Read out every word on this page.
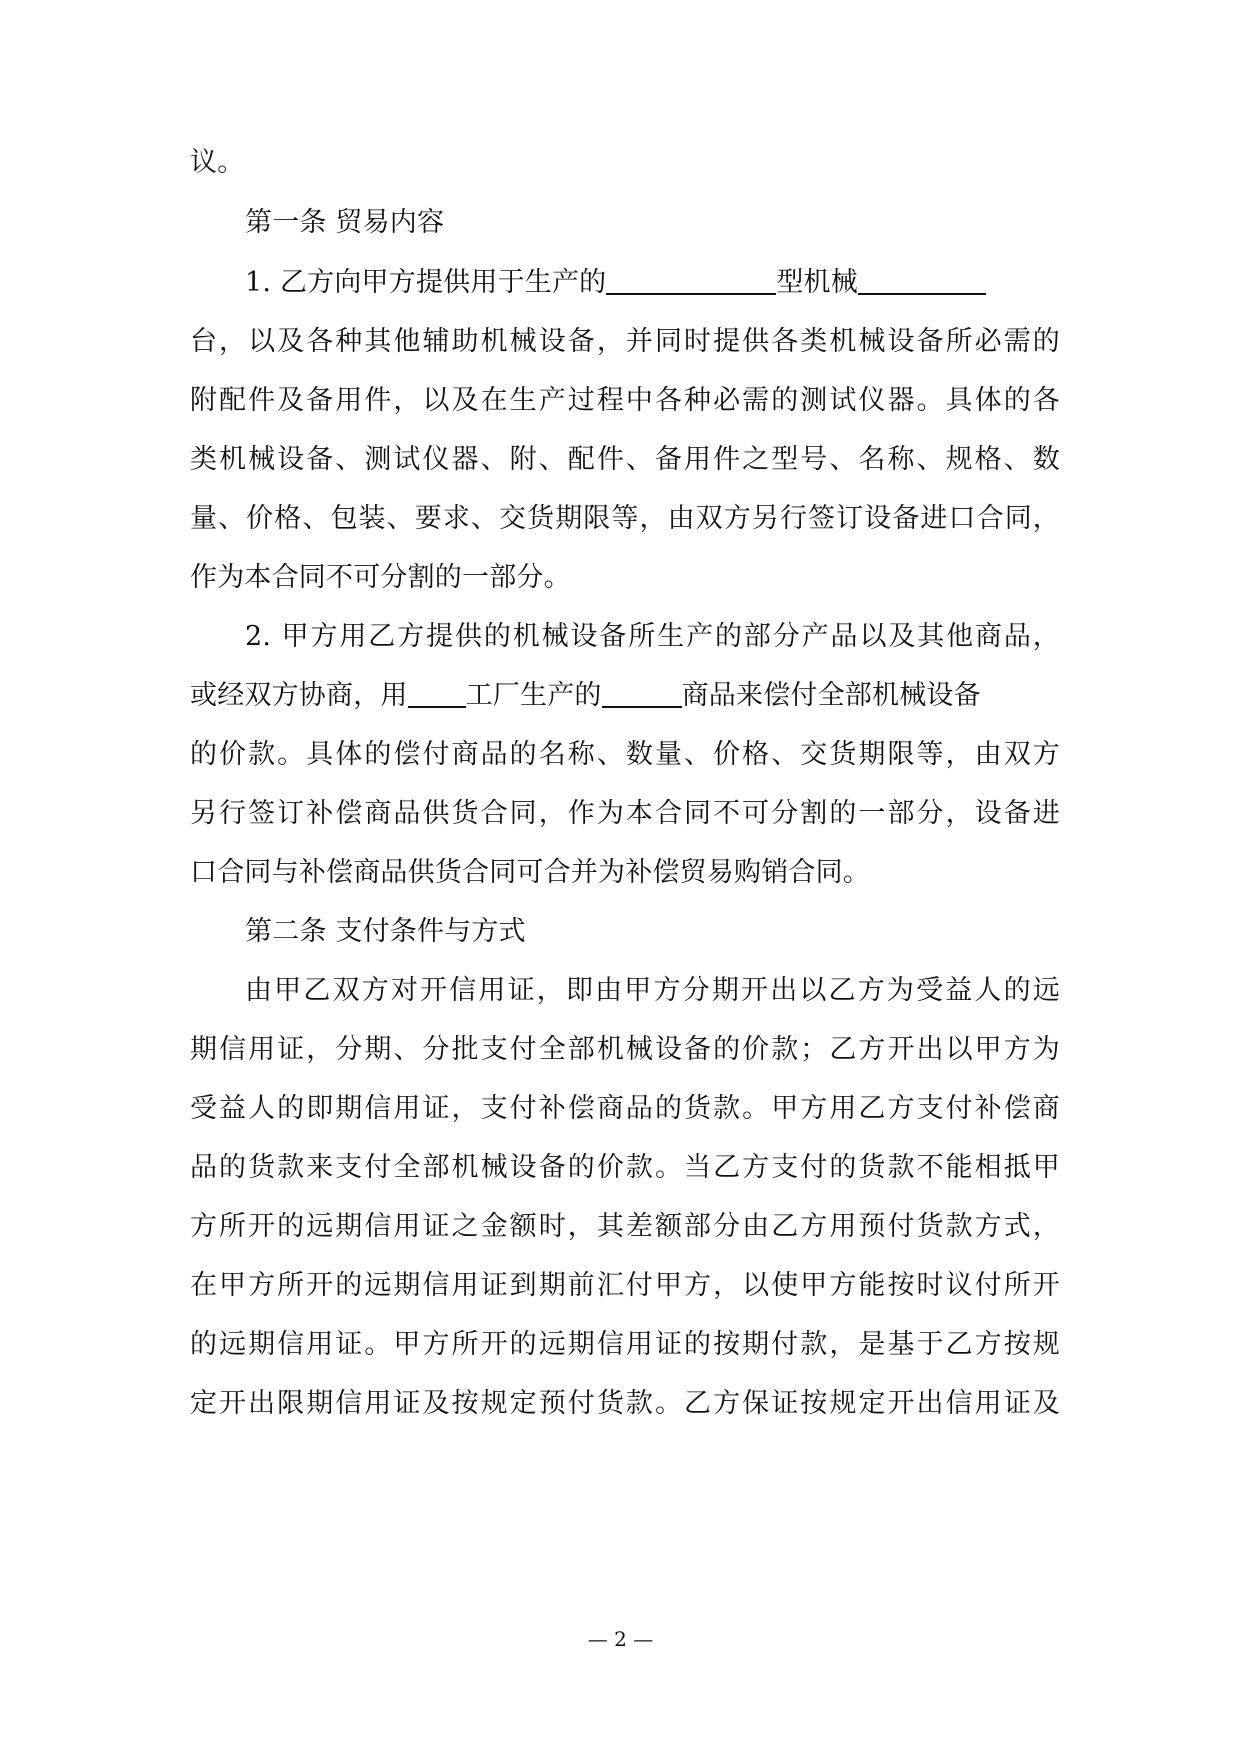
议。
第一条 贸易内容
1. 乙方向甲方提供用于生产的	型机械
台，以及各种其他辅助机械设备，并同时提供各类机械设备所必需的
附配件及备用件，以及在生产过程中各种必需的测试仪器。具体的各
类机械设备、测试仪器、附、配件、备用件之型号、名称、规格、数
量、价格、包装、要求、交货期限等，由双方另行签订设备进口合同，
作为本合同不可分割的一部分。
2. 甲方用乙方提供的机械设备所生产的部分产品以及其他商品，
或经双方协商，用 工厂生产的	商品来偿付全部机械设备
的价款。具体的偿付商品的名称、数量、价格、交货期限等，由双方
另行签订补偿商品供货合同，作为本合同不可分割的一部分，设备进
口合同与补偿商品供货合同可合并为补偿贸易购销合同。
第二条 支付条件与方式
由甲乙双方对开信用证，即由甲方分期开出以乙方为受益人的远
期信用证，分期、分批支付全部机械设备的价款；乙方开出以甲方为
受益人的即期信用证，支付补偿商品的货款。甲方用乙方支付补偿商
品的货款来支付全部机械设备的价款。当乙方支付的货款不能相抵甲
方所开的远期信用证之金额时，其差额部分由乙方用预付货款方式，
在甲方所开的远期信用证到期前汇付甲方，以使甲方能按时议付所开
的远期信用证。甲方所开的远期信用证的按期付款，是基于乙方按规
定开出限期信用证及按规定预付货款。乙方保证按规定开出信用证及
— 2 —
